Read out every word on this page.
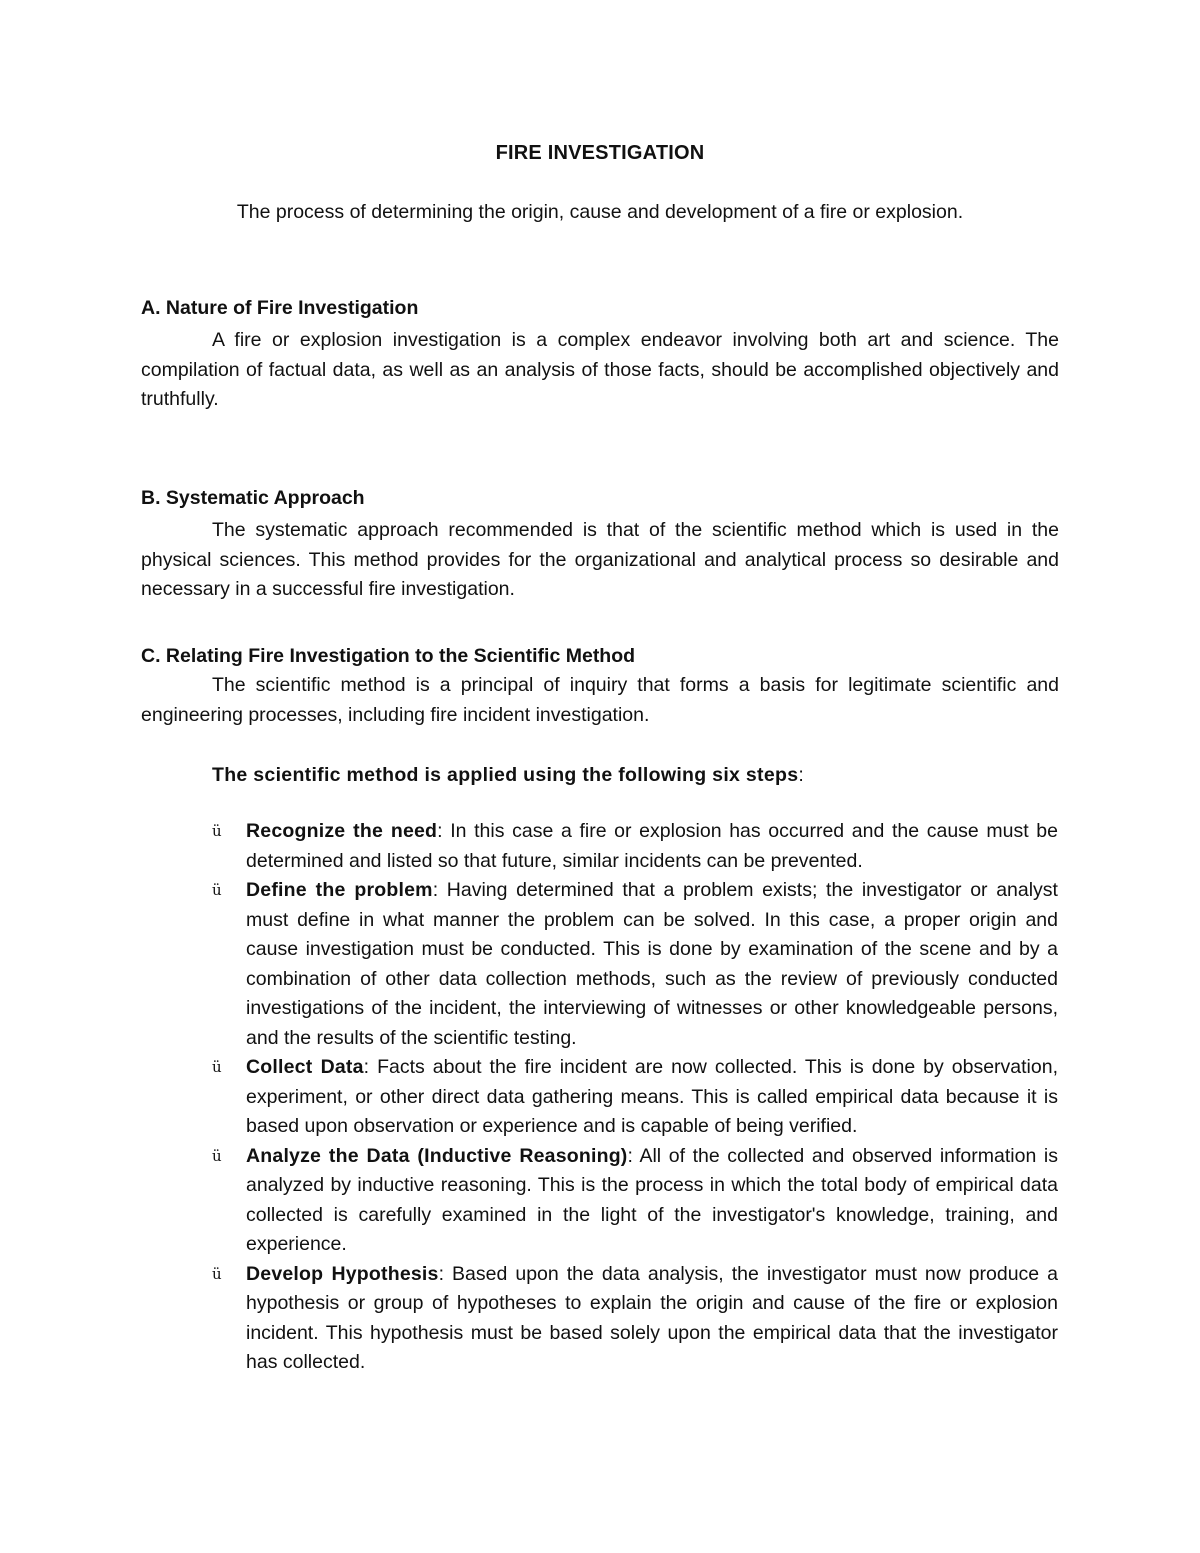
FIRE INVESTIGATION
The process of determining the origin, cause and development of a fire or explosion.

A. Nature of Fire Investigation

A fire or explosion investigation is a complex endeavor involving both art and science. The compilation of factual data, as well as an analysis of those facts, should be accomplished objectively and truthfully.

B. Systematic Approach

The systematic approach recommended is that of the scientific method which is used in the physical sciences. This method provides for the organizational and analytical process so desirable and necessary in a successful fire investigation.

C. Relating Fire Investigation to the Scientific Method

The scientific method is a principal of inquiry that forms a basis for legitimate scientific and engineering processes, including fire incident investigation.

The scientific method is applied using the following six steps:
ü Recognize the need: In this case a fire or explosion has occurred and the cause must be determined and listed so that future, similar incidents can be prevented.
ü Define the problem: Having determined that a problem exists; the investigator or analyst must define in what manner the problem can be solved. In this case, a proper origin and cause investigation must be conducted. This is done by examination of the scene and by a combination of other data collection methods, such as the review of previously conducted investigations of the incident, the interviewing of witnesses or other knowledgeable persons, and the results of the scientific testing.
ü Collect Data: Facts about the fire incident are now collected. This is done by observation, experiment, or other direct data gathering means. This is called empirical data because it is based upon observation or experience and is capable of being verified.
ü Analyze the Data (Inductive Reasoning): All of the collected and observed information is analyzed by inductive reasoning. This is the process in which the total body of empirical data collected is carefully examined in the light of the investigator's knowledge, training, and experience.
ü Develop Hypothesis: Based upon the data analysis, the investigator must now produce a hypothesis or group of hypotheses to explain the origin and cause of the fire or explosion incident. This hypothesis must be based solely upon the empirical data that the investigator has collected.
